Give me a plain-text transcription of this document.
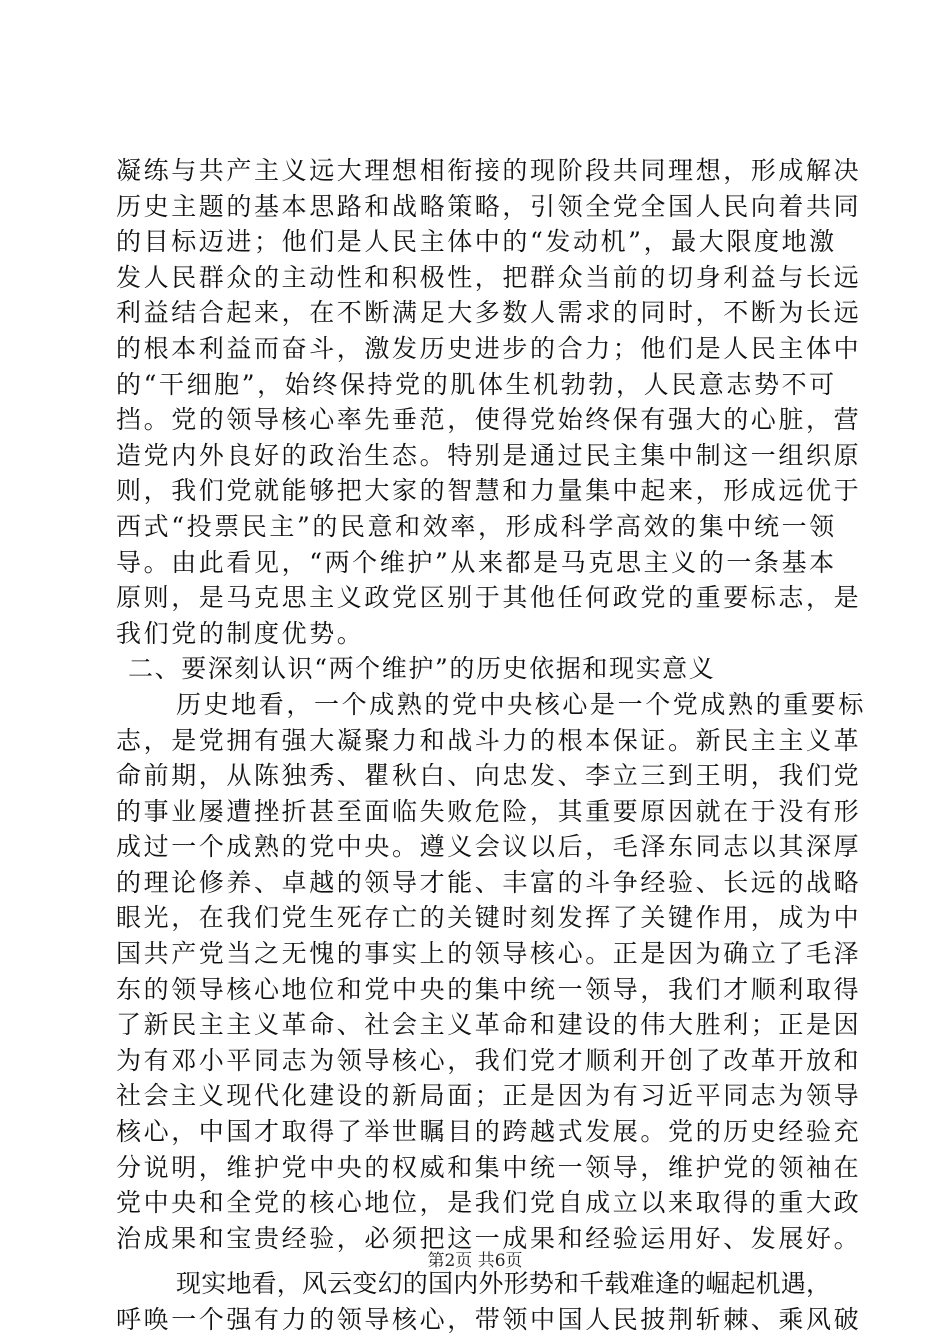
凝练与共产主义远大理想相衔接的现阶段共同理想，形成解决
历史主题的基本思路和战略策略，引领全党全国人民向着共同
的目标迈进；他们是人民主体中的“发动机”，最大限度地激
发人民群众的主动性和积极性，把群众当前的切身利益与长远
利益结合起来，在不断满足大多数人需求的同时，不断为长远
的根本利益而奋斗，激发历史进步的合力；他们是人民主体中
的“干细胞”，始终保持党的肌体生机勃勃，人民意志势不可
挡。党的领导核心率先垂范，使得党始终保有强大的心脏，营
造党内外良好的政治生态。特别是通过民主集中制这一组织原
则，我们党就能够把大家的智慧和力量集中起来，形成远优于
西式“投票民主”的民意和效率，形成科学高效的集中统一领
导。由此看见，“两个维护”从来都是马克思主义的一条基本
原则，是马克思主义政党区别于其他任何政党的重要标志，是
我们党的制度优势。
二、要深刻认识“两个维护”的历史依据和现实意义
历史地看，一个成熟的党中央核心是一个党成熟的重要标
志，是党拥有强大凝聚力和战斗力的根本保证。新民主主义革
命前期，从陈独秀、瞿秋白、向忠发、李立三到王明，我们党
的事业屡遭挫折甚至面临失败危险，其重要原因就在于没有形
成过一个成熟的党中央。遵义会议以后，毛泽东同志以其深厚
的理论修养、卓越的领导才能、丰富的斗争经验、长远的战略
眼光，在我们党生死存亡的关键时刻发挥了关键作用，成为中
国共产党当之无愧的事实上的领导核心。正是因为确立了毛泽
东的领导核心地位和党中央的集中统一领导，我们才顺利取得
了新民主主义革命、社会主义革命和建设的伟大胜利；正是因
为有邓小平同志为领导核心，我们党才顺利开创了改革开放和
社会主义现代化建设的新局面；正是因为有习近平同志为领导
核心，中国才取得了举世瞩目的跨越式发展。党的历史经验充
分说明，维护党中央的权威和集中统一领导，维护党的领袖在
党中央和全党的核心地位，是我们党自成立以来取得的重大政
治成果和宝贵经验，必须把这一成果和经验运用好、发展好。
现实地看，风云变幻的国内外形势和千载难逢的崛起机遇，
呼唤一个强有力的领导核心，带领中国人民披荆斩棘、乘风破
第2页 共6页
